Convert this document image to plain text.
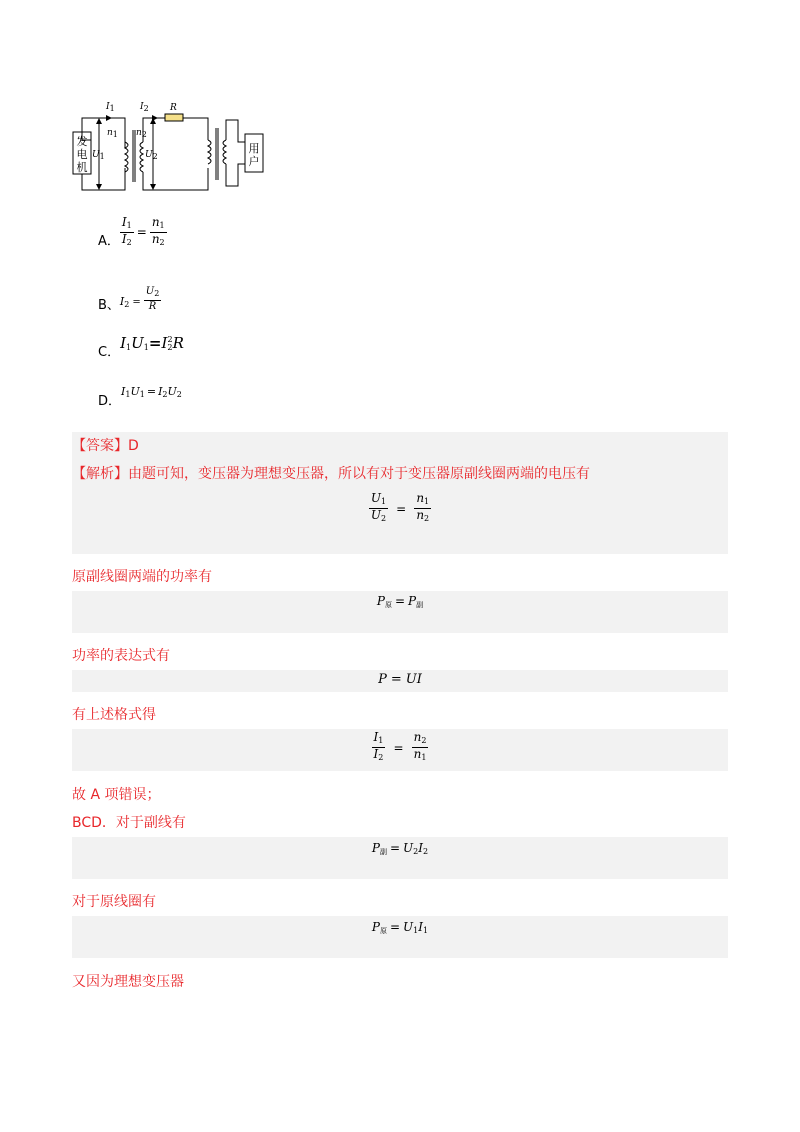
发电机
用户
$I_1$	$I_2$
$n_1$ $n_2$
$U_1$	$U_2$
R
A． $\frac{I_1}{I_2} = \frac{n_1}{n_2}$
B、 $I_2 = \frac{U_2}{R}$
C．
$I_1U_1=I_2^2R$
D．
$I_1U_1 = I_2U_2$
【答案】D
【解析】由题可知，变压器为理想变压器，所以有对于变压器原副线圈两端的电压有
$\frac{U_1}{U_2} = \frac{n_1}{n_2}$
原副线圈两端的功率有
$P_原 = P_副$
功率的表达式有
P = UI
有上述格式得
$\frac{I_1}{I_2} = \frac{n_2}{n_1}$
故 A 项错误；
BCD．对于副线有
$P_副 = U_2I_2$
对于原线圈有
$P_原 = U_1I_1$
又因为理想变压器
